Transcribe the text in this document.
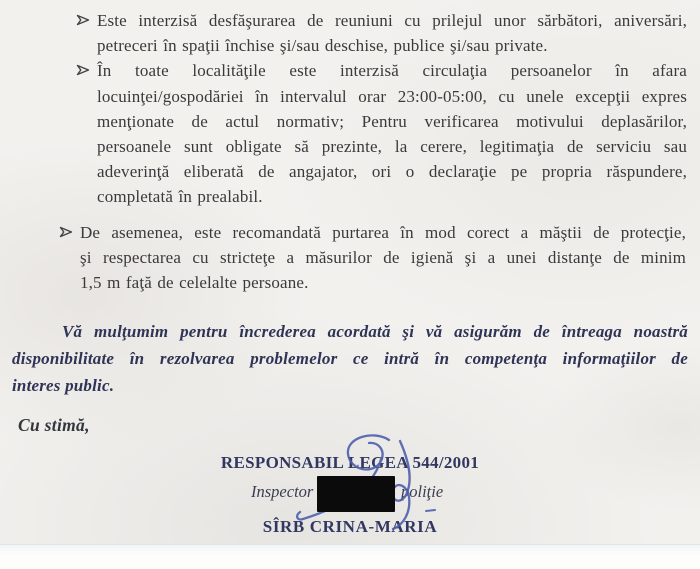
Este interzisă desfăşurarea de reuniuni cu prilejul unor sărbători, aniversări,
petreceri în spaţii închise şi/sau deschise, publice şi/sau private.
În toate localităţile este interzisă circulaţia persoanelor în afara
locuinţei/gospodăriei în intervalul orar 23:00-05:00, cu unele excepţii expres
menţionate de actul normativ; Pentru verificarea motivului deplasărilor,
persoanele sunt obligate să prezinte, la cerere, legitimaţia de serviciu sau
adeverinţă eliberată de angajator, ori o declaraţie pe propria răspundere,
completată în prealabil.
De asemenea, este recomandată purtarea în mod corect a măştii de protecţie,
şi respectarea cu stricteţe a măsurilor de igienă şi a unei distanţe de minim
1,5 m faţă de celelalte persoane.
Vă mulţumim pentru încrederea acordată şi vă asigurăm de întreaga noastră
disponibilitate în rezolvarea problemelor ce intră în competenţa informaţiilor de
interes public.
Cu stimă,
RESPONSABIL LEGEA 544/2001
Inspector	poliţie
SÎRB CRINA-MARIA
